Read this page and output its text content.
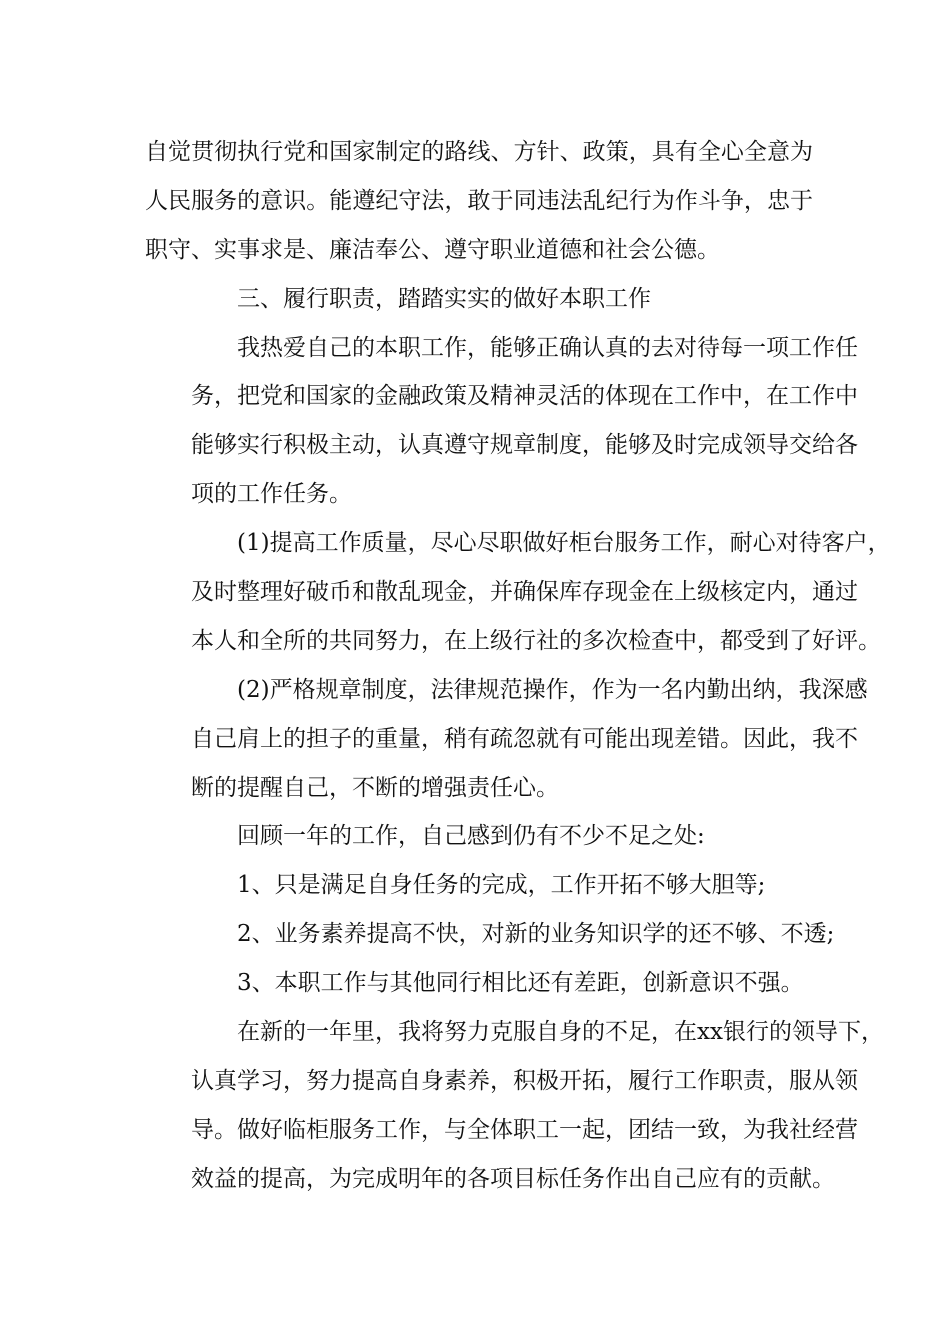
自觉贯彻执行党和国家制定的路线、方针、政策，具有全心全意为
人民服务的意识。能遵纪守法，敢于同违法乱纪行为作斗争，忠于
职守、实事求是、廉洁奉公、遵守职业道德和社会公德。
三、履行职责，踏踏实实的做好本职工作
我热爱自己的本职工作，能够正确认真的去对待每一项工作任
务，把党和国家的金融政策及精神灵活的体现在工作中，在工作中
能够实行积极主动，认真遵守规章制度，能够及时完成领导交给各
项的工作任务。
(1)提高工作质量，尽心尽职做好柜台服务工作，耐心对待客户，
及时整理好破币和散乱现金，并确保库存现金在上级核定内，通过
本人和全所的共同努力，在上级行社的多次检查中，都受到了好评。
(2)严格规章制度，法律规范操作，作为一名内勤出纳，我深感
自己肩上的担子的重量，稍有疏忽就有可能出现差错。因此，我不
断的提醒自己，不断的增强责任心。
回顾一年的工作，自己感到仍有不少不足之处:
1、只是满足自身任务的完成，工作开拓不够大胆等;
2、业务素养提高不快，对新的业务知识学的还不够、不透;
3、本职工作与其他同行相比还有差距，创新意识不强。
在新的一年里，我将努力克服自身的不足，在xx银行的领导下，
认真学习，努力提高自身素养，积极开拓，履行工作职责，服从领
导。做好临柜服务工作，与全体职工一起，团结一致，为我社经营
效益的提高，为完成明年的各项目标任务作出自己应有的贡献。
